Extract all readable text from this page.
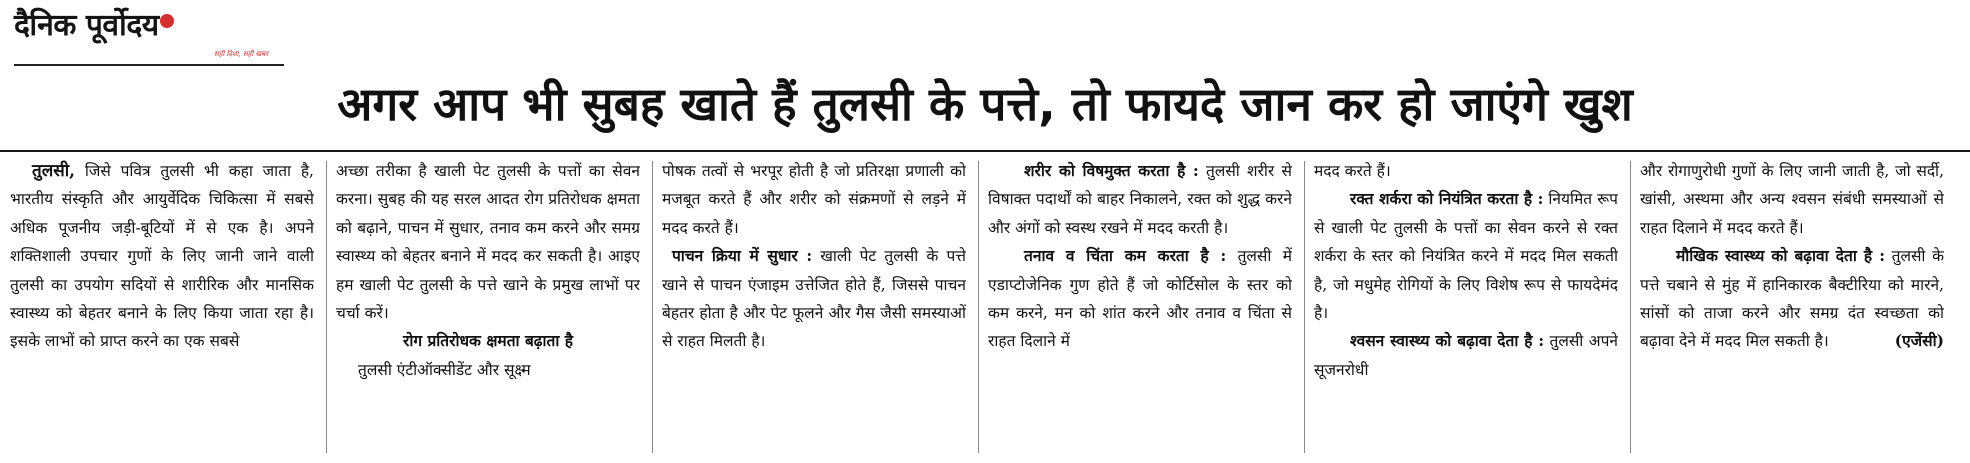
दैनिक पूर्वोदय
सही दिशा, सही खबर
अगर आप भी सुबह खाते हैं तुलसी के पत्ते, तो फायदे जान कर हो जाएंगे खुश

तुलसी, जिसे पवित्र तुलसी भी कहा जाता है, भारतीय संस्कृति और आयुर्वेदिक चिकित्सा में सबसे अधिक पूजनीय जड़ी-बूटियों में से एक है। अपने शक्तिशाली उपचार गुणों के लिए जानी जाने वाली तुलसी का उपयोग सदियों से शारीरिक और मानसिक स्वास्थ्य को बेहतर बनाने के लिए किया जाता रहा है। इसके लाभों को प्राप्त करने का एक सबसे

अच्छा तरीका है खाली पेट तुलसी के पत्तों का सेवन करना। सुबह की यह सरल आदत रोग प्रतिरोधक क्षमता को बढ़ाने, पाचन में सुधार, तनाव कम करने और समग्र स्वास्थ्य को बेहतर बनाने में मदद कर सकती है। आइए हम खाली पेट तुलसी के पत्ते खाने के प्रमुख लाभों पर चर्चा करें।

रोग प्रतिरोधक क्षमता बढ़ाता है

तुलसी एंटीऑक्सीडेंट और सूक्ष्म

पोषक तत्वों से भरपूर होती है जो प्रतिरक्षा प्रणाली को मजबूत करते हैं और शरीर को संक्रमणों से लड़ने में मदद करते हैं।

पाचन क्रिया में सुधार : खाली पेट तुलसी के पत्ते खाने से पाचन एंजाइम उत्तेजित होते हैं, जिससे पाचन बेहतर होता है और पेट फूलने और गैस जैसी समस्याओं से राहत मिलती है।

शरीर को विषमुक्त करता है : तुलसी शरीर से विषाक्त पदार्थों को बाहर निकालने, रक्त को शुद्ध करने और अंगों को स्वस्थ रखने में मदद करती है।

तनाव व चिंता कम करता है : तुलसी में एडाप्टोजेनिक गुण होते हैं जो कोर्टिसोल के स्तर को कम करने, मन को शांत करने और तनाव व चिंता से राहत दिलाने में

मदद करते हैं।

रक्त शर्करा को नियंत्रित करता है : नियमित रूप से खाली पेट तुलसी के पत्तों का सेवन करने से रक्त शर्करा के स्तर को नियंत्रित करने में मदद मिल सकती है, जो मधुमेह रोगियों के लिए विशेष रूप से फायदेमंद है।

श्वसन स्वास्थ्य को बढ़ावा देता है : तुलसी अपने सूजनरोधी

और रोगाणुरोधी गुणों के लिए जानी जाती है, जो सर्दी, खांसी, अस्थमा और अन्य श्वसन संबंधी समस्याओं से राहत दिलाने में मदद करते हैं।

मौखिक स्वास्थ्य को बढ़ावा देता है : तुलसी के पत्ते चबाने से मुंह में हानिकारक बैक्टीरिया को मारने, सांसों को ताजा करने और समग्र दंत स्वच्छता को बढ़ावा देने में मदद मिल सकती है।	(एजेंसी)
